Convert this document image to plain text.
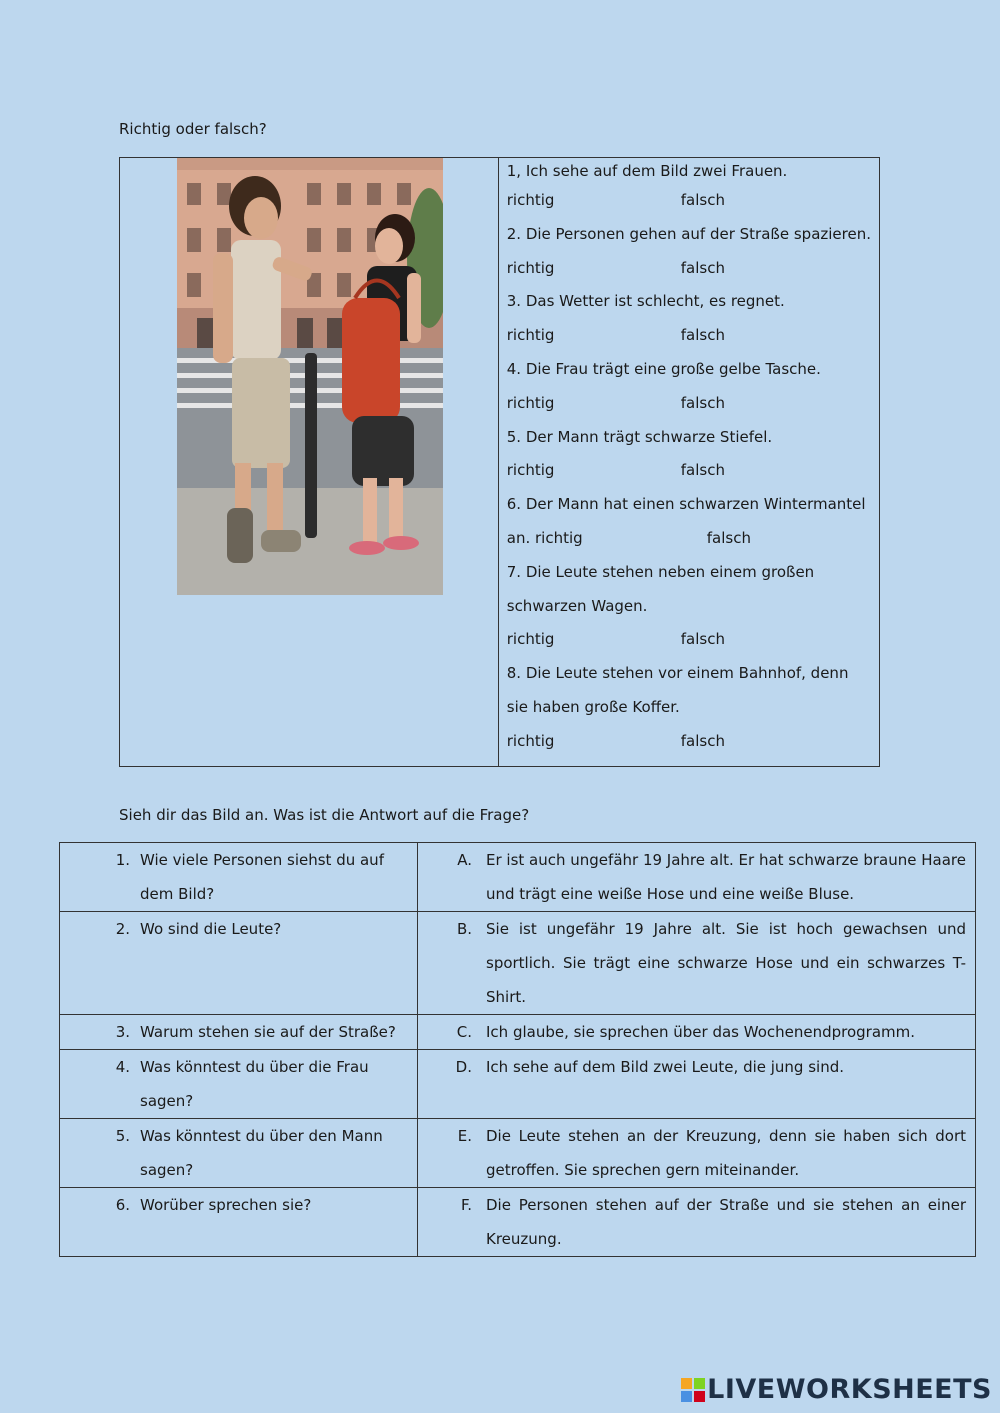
Richtig oder falsch?

1, Ich sehe auf dem Bild zwei Frauen.
richtig	falsch
2. Die Personen gehen auf der Straße spazieren.
richtig	falsch
3. Das Wetter ist schlecht, es regnet.
richtig	falsch
4. Die Frau trägt eine große gelbe Tasche.
richtig	falsch
5. Der Mann trägt schwarze Stiefel.
richtig	falsch
6. Der Mann hat einen schwarzen Wintermantel
an. richtig	falsch
7. Die Leute stehen neben einem großen
schwarzen Wagen.
richtig	falsch
8. Die Leute stehen vor einem Bahnhof, denn
sie haben große Koffer.
richtig	falsch

Sieh dir das Bild an. Was ist die Antwort auf die Frage?

1. Wie viele Personen siehst du auf dem Bild?	A. Er ist auch ungefähr 19 Jahre alt. Er hat schwarze braune Haare und trägt eine weiße Hose und eine weiße Bluse.

2. Wo sind die Leute?	B. Sie ist ungefähr 19 Jahre alt. Sie ist hoch gewachsen und sportlich. Sie trägt eine schwarze Hose und ein schwarzes T-Shirt.

3. Warum stehen sie auf der Straße?	C. Ich glaube, sie sprechen über das Wochenendprogramm.

4. Was könntest du über die Frau sagen?	D. Ich sehe auf dem Bild zwei Leute, die jung sind.

5. Was könntest du über den Mann sagen?	E. Die Leute stehen an der Kreuzung, denn sie haben sich dort getroffen. Sie sprechen gern miteinander.

6. Worüber sprechen sie?	F. Die Personen stehen auf der Straße und sie stehen an einer Kreuzung.
LIVEWORKSHEETS
